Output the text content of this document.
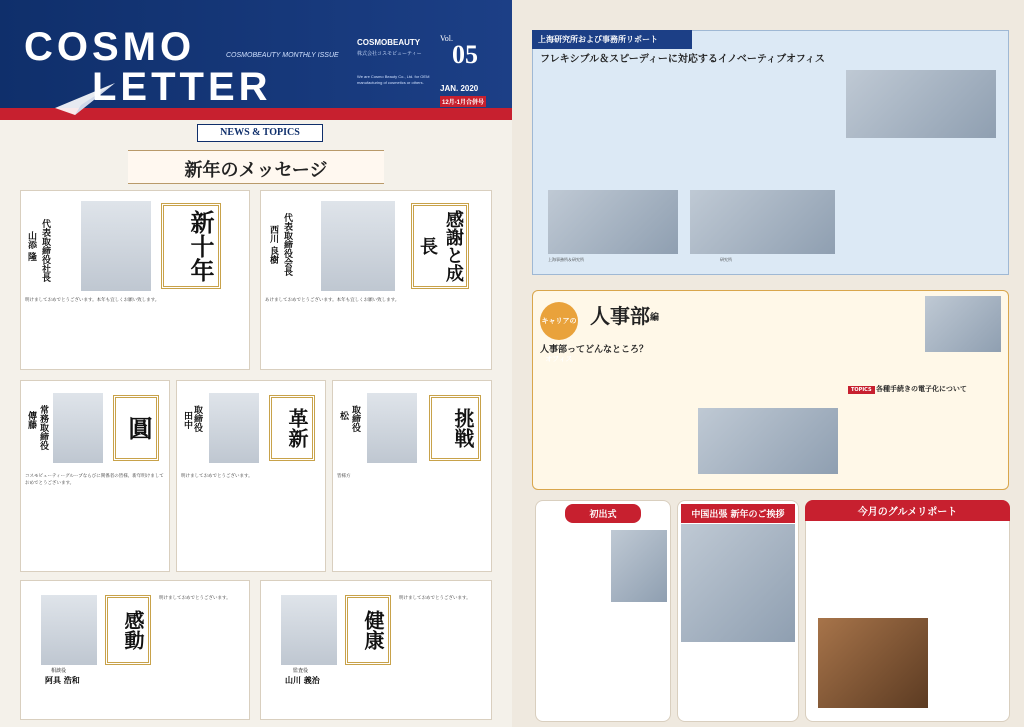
COSMO
LETTER
COSMOBEAUTY MONTHLY ISSUE
COSMOBEAUTY
株式会社コスモビューティー
We are Cosmo Beauty Co., Ltd. for OEM manufacturing of cosmetics or others.
Vol.
05
JAN. 2020
12月-1月合併号
NEWS & TOPICS
新年のメッセージ
代表取締役社長
山添 隆	新十年
明けましておめでとうございます。本年も宜しくお願い致します。
代表取締役会長
西川 良樹	感謝と成長
あけましておめでとうございます。本年も宜しくお願い致します。
常務取締役
傳藤	圓
コスモビューティーグループならびに関係者の皆様、新年明けましておめでとうございます。
取締役
田中	革新
明けましておめでとうございます。
取締役
松	挑戦
皆様方
感動
阿具 浩和
相談役
明けましておめでとうございます。
健康
山川 義治
監査役
明けましておめでとうございます。
上海研究所および事務所リポート
フレキシブル＆スピーディーに対応するイノベーティブオフィス
上海事務所＆研究所	研究所
キャリアのオフィス
人事部 編
人事部ってどんなところ？
TOPICS 各種手続きの電子化について
初出式	中国出張 新年のご挨拶	今月のグルメリポート
